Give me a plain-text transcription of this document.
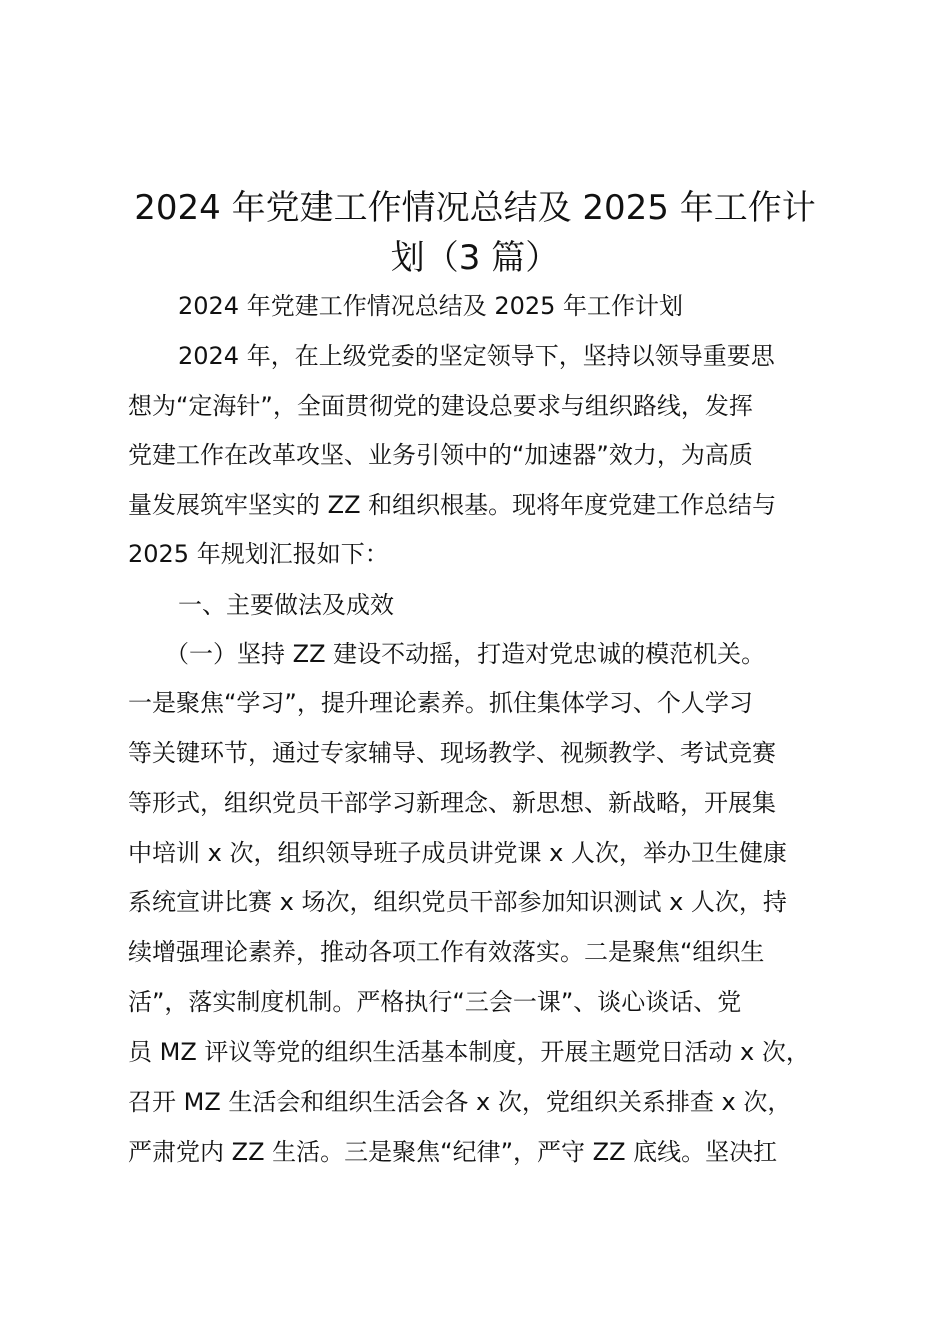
2024 年党建工作情况总结及 2025 年工作计
划（3 篇）
2024 年党建工作情况总结及 2025 年工作计划
2024 年，在上级党委的坚定领导下，坚持以领导重要思
想为“定海针”，全面贯彻党的建设总要求与组织路线，发挥
党建工作在改革攻坚、业务引领中的“加速器”效力，为高质
量发展筑牢坚实的 ZZ 和组织根基。现将年度党建工作总结与
2025 年规划汇报如下：
一、主要做法及成效
（一）坚持 ZZ 建设不动摇，打造对党忠诚的模范机关。
一是聚焦“学习”，提升理论素养。抓住集体学习、个人学习
等关键环节，通过专家辅导、现场教学、视频教学、考试竞赛
等形式，组织党员干部学习新理念、新思想、新战略，开展集
中培训 x 次，组织领导班子成员讲党课 x 人次，举办卫生健康
系统宣讲比赛 x 场次，组织党员干部参加知识测试 x 人次，持
续增强理论素养，推动各项工作有效落实。二是聚焦“组织生
活”，落实制度机制。严格执行“三会一课”、谈心谈话、党
员 MZ 评议等党的组织生活基本制度，开展主题党日活动 x 次，
召开 MZ 生活会和组织生活会各 x 次，党组织关系排查 x 次，
严肃党内 ZZ 生活。三是聚焦“纪律”，严守 ZZ 底线。坚决扛
